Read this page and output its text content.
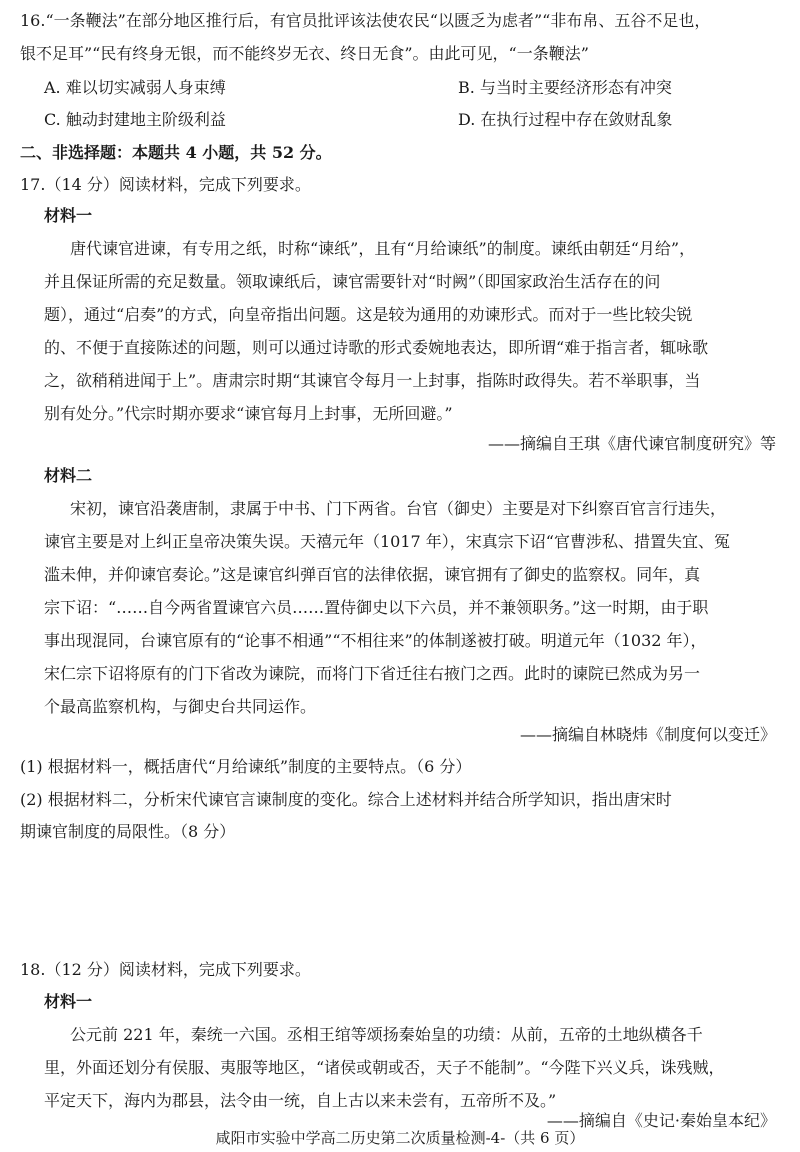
16.“一条鞭法”在部分地区推行后，有官员批评该法使农民“以匮乏为虑者”“非布帛、五谷不足也，
银不足耳”“民有终身无银，而不能终岁无衣、终日无食”。由此可见，“一条鞭法”
A. 难以切实减弱人身束缚	B. 与当时主要经济形态有冲突
C. 触动封建地主阶级利益	D. 在执行过程中存在敛财乱象
二、非选择题：本题共 4 小题，共 52 分。
17.（14 分）阅读材料，完成下列要求。
材料一
唐代谏官进谏，有专用之纸，时称“谏纸”，且有“月给谏纸”的制度。谏纸由朝廷“月给”，
并且保证所需的充足数量。领取谏纸后，谏官需要针对“时阙”（即国家政治生活存在的问
题），通过“启奏”的方式，向皇帝指出问题。这是较为通用的劝谏形式。而对于一些比较尖锐
的、不便于直接陈述的问题，则可以通过诗歌的形式委婉地表达，即所谓“难于指言者，辄咏歌
之，欲稍稍进闻于上”。唐肃宗时期“其谏官令每月一上封事，指陈时政得失。若不举职事，当
别有处分。”代宗时期亦要求“谏官每月上封事，无所回避。”
——摘编自王琪《唐代谏官制度研究》等
材料二
宋初，谏官沿袭唐制，隶属于中书、门下两省。台官（御史）主要是对下纠察百官言行违失，
谏官主要是对上纠正皇帝决策失误。天禧元年（1017 年），宋真宗下诏“官曹涉私、措置失宜、冤
滥未伸，并仰谏官奏论。”这是谏官纠弹百官的法律依据，谏官拥有了御史的监察权。同年，真
宗下诏：“……自今两省置谏官六员……置侍御史以下六员，并不兼领职务。”这一时期，由于职
事出现混同，台谏官原有的“论事不相通”“不相往来”的体制遂被打破。明道元年（1032 年），
宋仁宗下诏将原有的门下省改为谏院，而将门下省迁往右掖门之西。此时的谏院已然成为另一
个最高监察机构，与御史台共同运作。
——摘编自林晓炜《制度何以变迁》
(1) 根据材料一，概括唐代“月给谏纸”制度的主要特点。（6 分）
(2) 根据材料二，分析宋代谏官言谏制度的变化。综合上述材料并结合所学知识，指出唐宋时
期谏官制度的局限性。（8 分）
18.（12 分）阅读材料，完成下列要求。
材料一
公元前 221 年，秦统一六国。丞相王绾等颂扬秦始皇的功绩：从前，五帝的土地纵横各千
里，外面还划分有侯服、夷服等地区，“诸侯或朝或否，天子不能制”。“今陛下兴义兵，诛残贼，
平定天下，海内为郡县，法令由一统，自上古以来未尝有，五帝所不及。”
——摘编自《史记·秦始皇本纪》
咸阳市实验中学高二历史第二次质量检测-4-（共 6 页）
